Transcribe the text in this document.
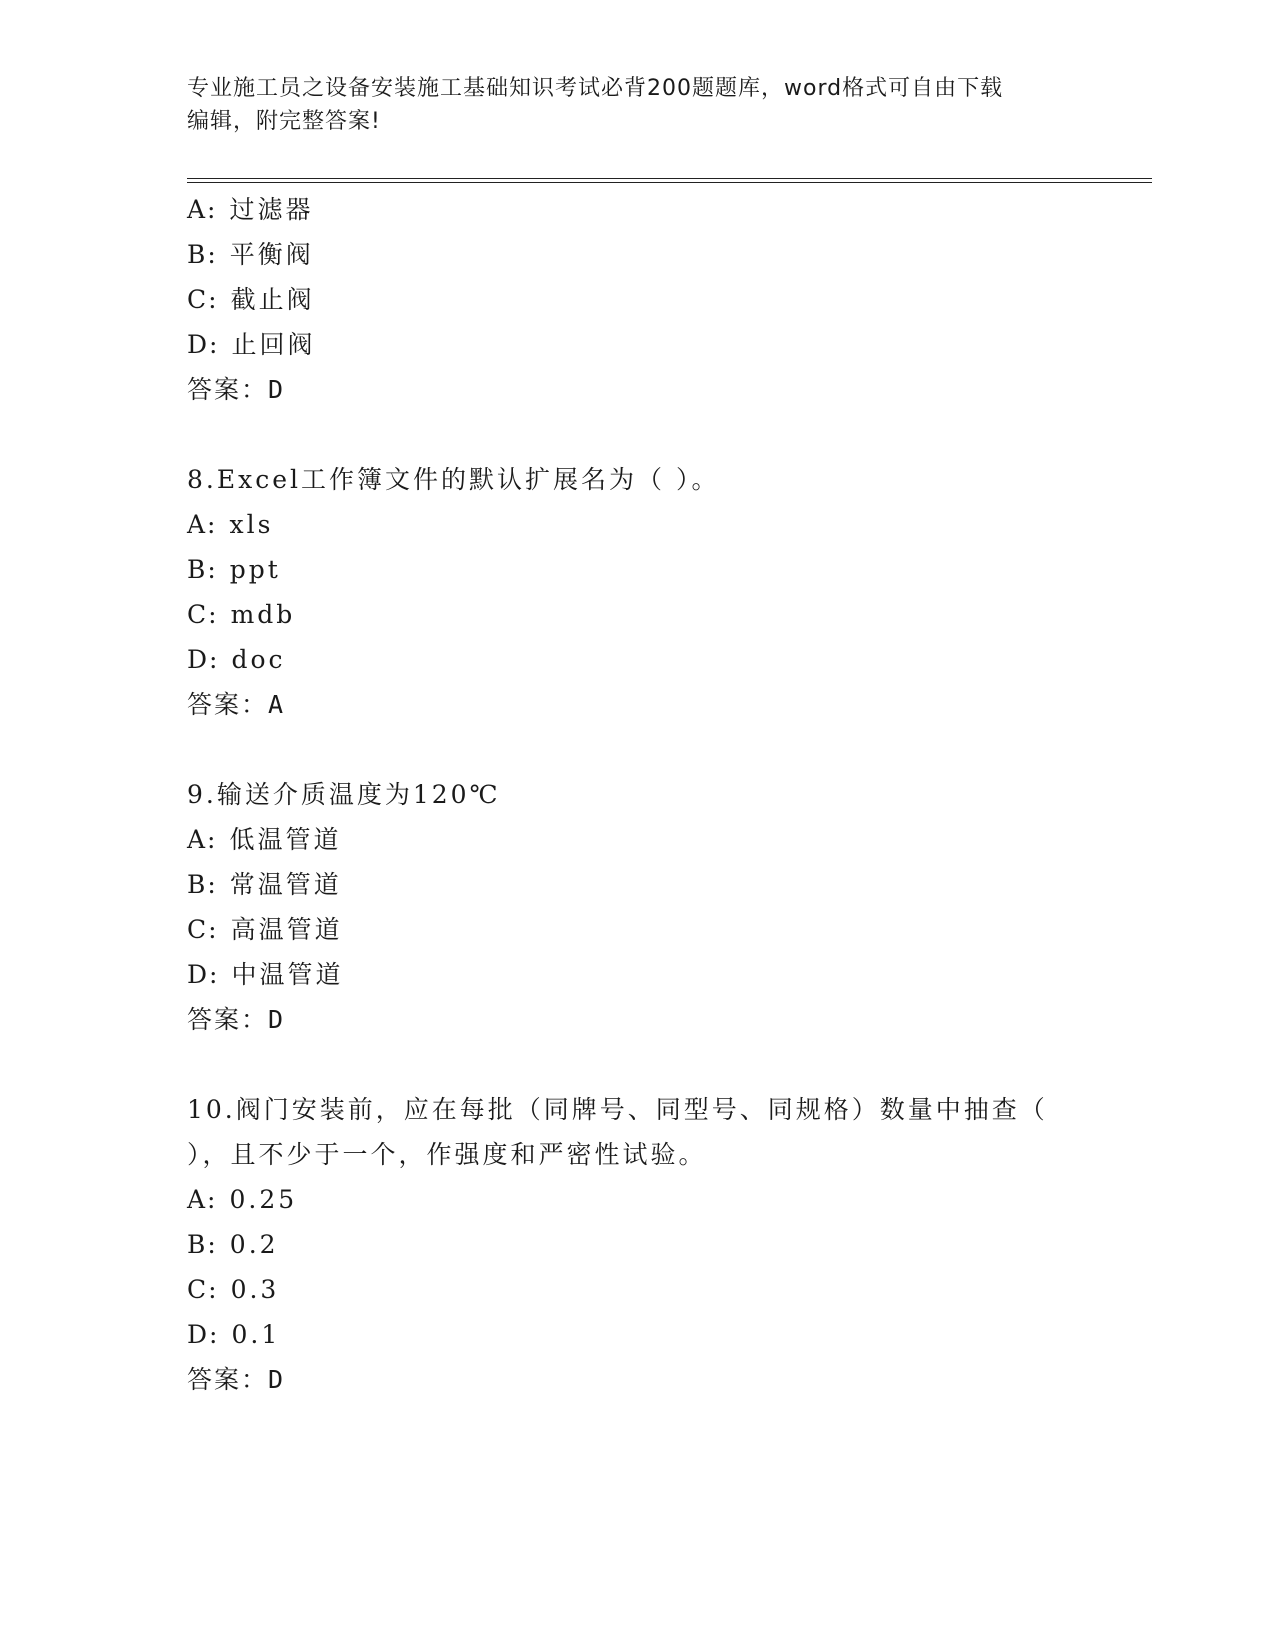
专业施工员之设备安装施工基础知识考试必背200题题库，word格式可自由下载
编辑，附完整答案!
A: 过滤器
B: 平衡阀
C: 截止阀
D: 止回阀
答案：D
8.Excel工作簿文件的默认扩展名为（ ）。
A: xls
B: ppt
C: mdb
D: doc
答案：A
9.输送介质温度为120℃
A: 低温管道
B: 常温管道
C: 高温管道
D: 中温管道
答案：D
10.阀门安装前，应在每批（同牌号、同型号、同规格）数量中抽查（
），且不少于一个，作强度和严密性试验。
A: 0.25
B: 0.2
C: 0.3
D: 0.1
答案：D
